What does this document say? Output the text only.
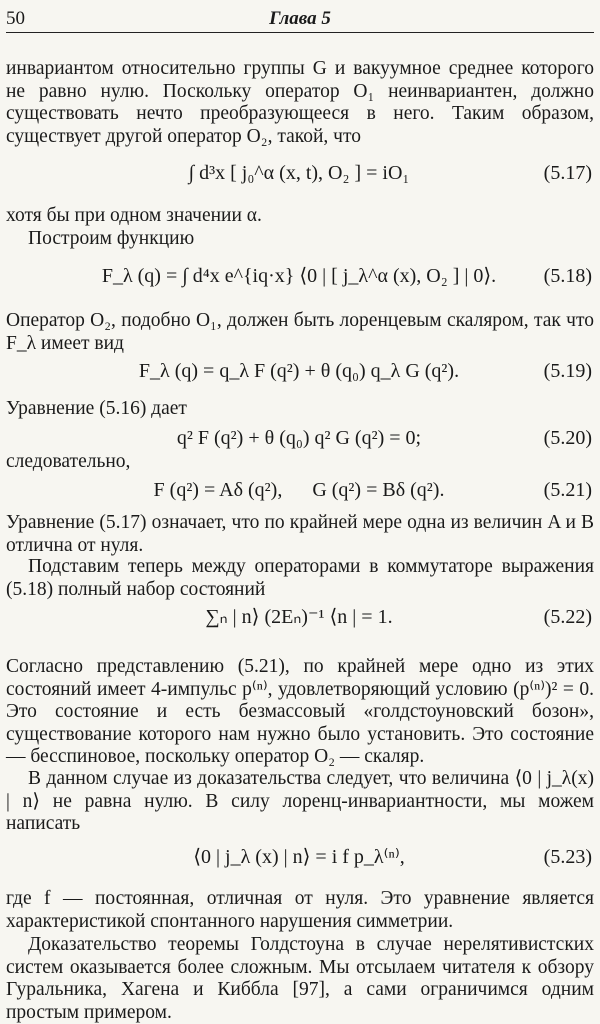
50	Глава 5
инвариантом относительно группы G и вакуумное среднее которого не равно нулю. Поскольку оператор O₁ неинвариантен, должно существовать нечто преобразующееся в него. Таким образом, существует другой оператор O₂, такой, что
∫ d³x [ j₀^α (x, t), O₂ ] = iO₁	(5.17)
хотя бы при одном значении α.
Построим функцию
F_λ (q) = ∫ d⁴x e^{iq·x} ⟨0 | [ j_λ^α (x), O₂ ] | 0⟩.	(5.18)
Оператор O₂, подобно O₁, должен быть лоренцевым скаляром, так что F_λ имеет вид
F_λ (q) = q_λ F (q²) + θ (q₀) q_λ G (q²).	(5.19)
Уравнение (5.16) дает
q² F (q²) + θ (q₀) q² G (q²) = 0;	(5.20)
следовательно,
F (q²) = Aδ (q²),      G (q²) = Bδ (q²).	(5.21)
Уравнение (5.17) означает, что по крайней мере одна из величин A и B отлична от нуля.
Подставим теперь между операторами в коммутаторе выражения (5.18) полный набор состояний
∑ₙ | n⟩ (2Eₙ)⁻¹ ⟨n | = 1.	(5.22)
Согласно представлению (5.21), по крайней мере одно из этих состояний имеет 4-импульс p⁽ⁿ⁾, удовлетворяющий условию (p⁽ⁿ⁾)² = 0. Это состояние и есть безмассовый «голдстоуновский бозон», существование которого нам нужно было установить. Это состояние — бесспиновое, поскольку оператор O₂ — скаляр.
В данном случае из доказательства следует, что величина ⟨0 | j_λ(x) | n⟩ не равна нулю. В силу лоренц-инвариантности, мы можем написать
⟨0 | j_λ (x) | n⟩ = i f p_λ⁽ⁿ⁾,	(5.23)
где f — постоянная, отличная от нуля. Это уравнение является характеристикой спонтанного нарушения симметрии.
Доказательство теоремы Голдстоуна в случае нерелятивистских систем оказывается более сложным. Мы отсылаем читателя к обзору Гуральника, Хагена и Киббла [97], а сами ограничимся одним простым примером.
